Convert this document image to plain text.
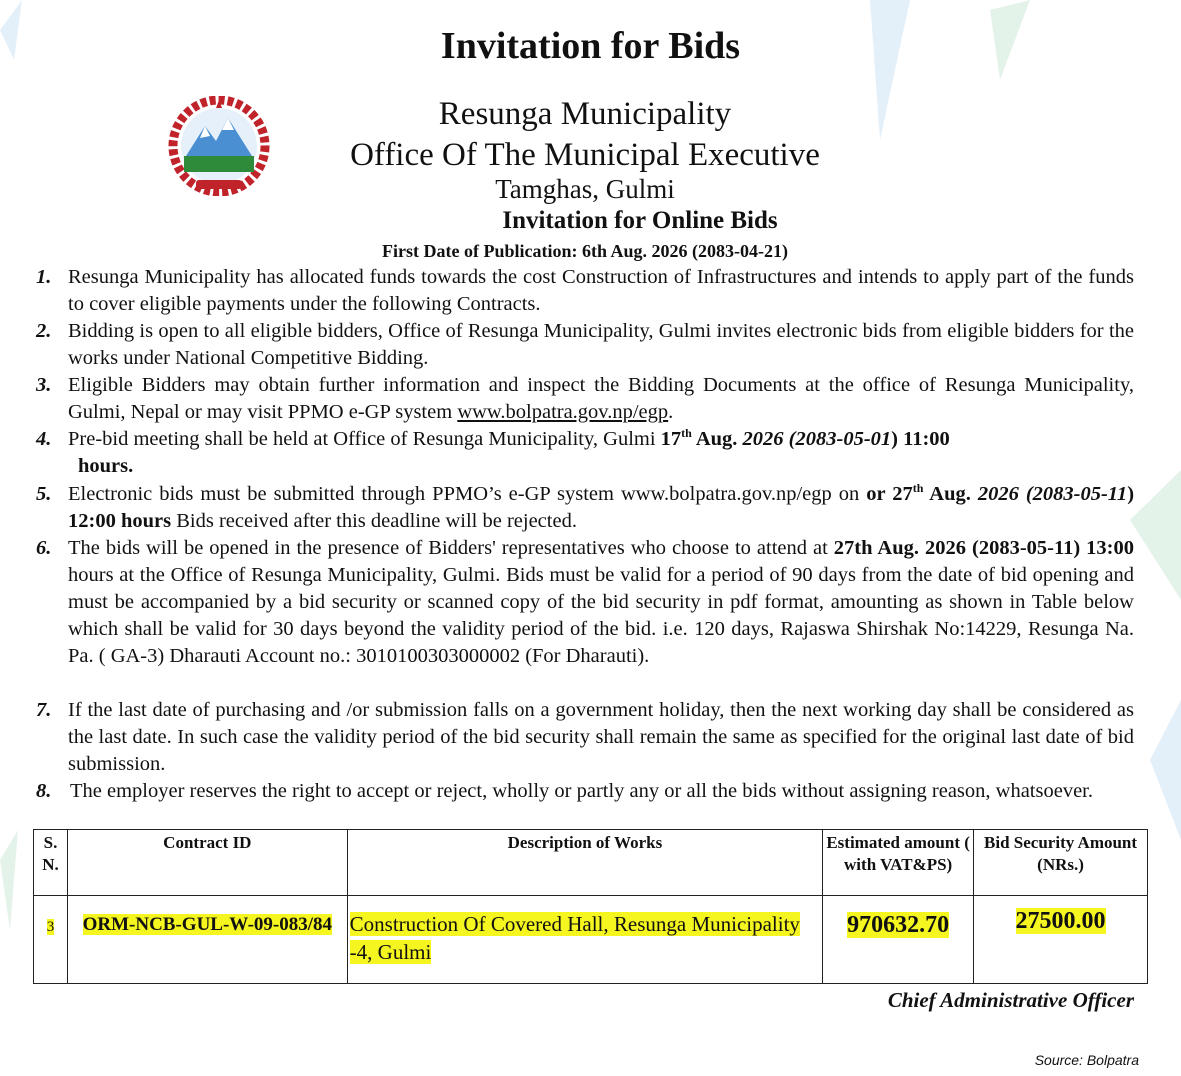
Invitation for Bids
Resunga Municipality
Office Of The Municipal Executive
Tamghas, Gulmi
Invitation for Online Bids
First Date of Publication: 6th Aug. 2026 (2083-04-21)
1. Resunga Municipality has allocated funds towards the cost Construction of Infrastructures and intends to apply part of the funds to cover eligible payments under the following Contracts.
2. Bidding is open to all eligible bidders, Office of Resunga Municipality, Gulmi invites electronic bids from eligible bidders for the works under National Competitive Bidding.
3. Eligible Bidders may obtain further information and inspect the Bidding Documents at the office of Resunga Municipality, Gulmi, Nepal or may visit PPMO e-GP system www.bolpatra.gov.np/egp.
4. Pre-bid meeting shall be held at Office of Resunga Municipality, Gulmi 17th Aug. 2026 (2083-05-01) 11:00
hours.
5. Electronic bids must be submitted through PPMO’s e-GP system www.bolpatra.gov.np/egp on or 27th Aug. 2026 (2083-05-11) 12:00 hours Bids received after this deadline will be rejected.
6. The bids will be opened in the presence of Bidders' representatives who choose to attend at 27th Aug. 2026 (2083-05-11) 13:00 hours at the Office of Resunga Municipality, Gulmi. Bids must be valid for a period of 90 days from the date of bid opening and must be accompanied by a bid security or scanned copy of the bid security in pdf format, amounting as shown in Table below which shall be valid for 30 days beyond the validity period of the bid. i.e. 120 days, Rajaswa Shirshak No:14229, Resunga Na. Pa. ( GA-3) Dharauti Account no.: 3010100303000002 (For Dharauti).
7. If the last date of purchasing and /or submission falls on a government holiday, then the next working day shall be considered as the last date. In such case the validity period of the bid security shall remain the same as specified for the original last date of bid submission.
8. The employer reserves the right to accept or reject, wholly or partly any or all the bids without assigning reason, whatsoever.
S. N.	Contract ID	Description of Works	Estimated amount ( with VAT&PS)	Bid Security Amount (NRs.)
3	ORM-NCB-GUL-W-09-083/84	Construction Of Covered Hall, Resunga Municipality -4, Gulmi	970632.70	27500.00
Chief Administrative Officer
Source: Bolpatra
